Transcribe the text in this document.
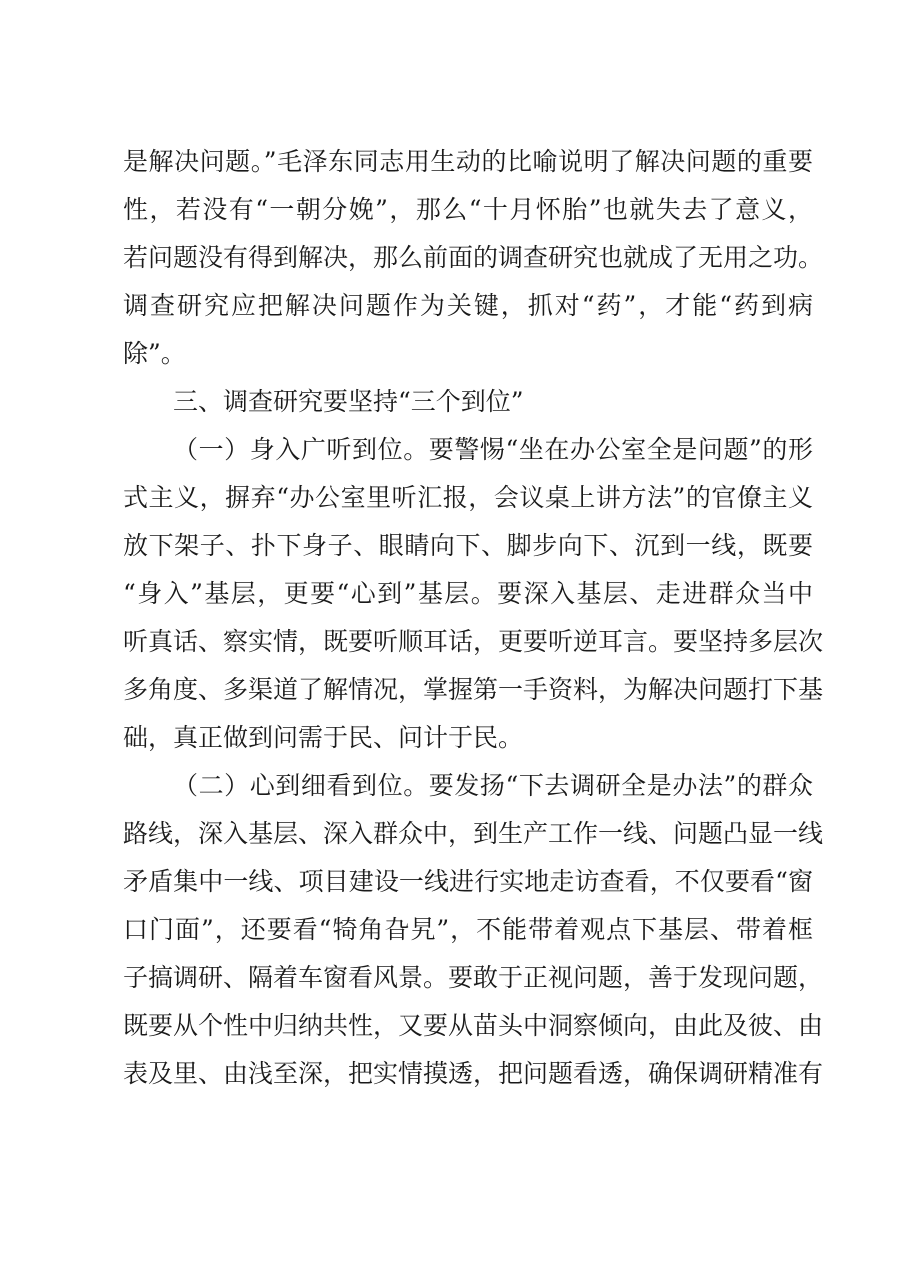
是解决问题。”毛泽东同志用生动的比喻说明了解决问题的重要
性，若没有“一朝分娩”，那么“十月怀胎”也就失去了意义，
若问题没有得到解决，那么前面的调查研究也就成了无用之功。
调查研究应把解决问题作为关键，抓对“药”，才能“药到病
除”。
三、调查研究要坚持“三个到位”
（一）身入广听到位。要警惕“坐在办公室全是问题”的形
式主义，摒弃“办公室里听汇报，会议桌上讲方法”的官僚主义
放下架子、扑下身子、眼睛向下、脚步向下、沉到一线，既要
“身入”基层，更要“心到”基层。要深入基层、走进群众当中
听真话、察实情，既要听顺耳话，更要听逆耳言。要坚持多层次
多角度、多渠道了解情况，掌握第一手资料，为解决问题打下基
础，真正做到问需于民、问计于民。
（二）心到细看到位。要发扬“下去调研全是办法”的群众
路线，深入基层、深入群众中，到生产工作一线、问题凸显一线
矛盾集中一线、项目建设一线进行实地走访查看，不仅要看“窗
口门面”，还要看“犄角旮旯”，不能带着观点下基层、带着框
子搞调研、隔着车窗看风景。要敢于正视问题，善于发现问题，
既要从个性中归纳共性，又要从苗头中洞察倾向，由此及彼、由
表及里、由浅至深，把实情摸透，把问题看透，确保调研精准有
